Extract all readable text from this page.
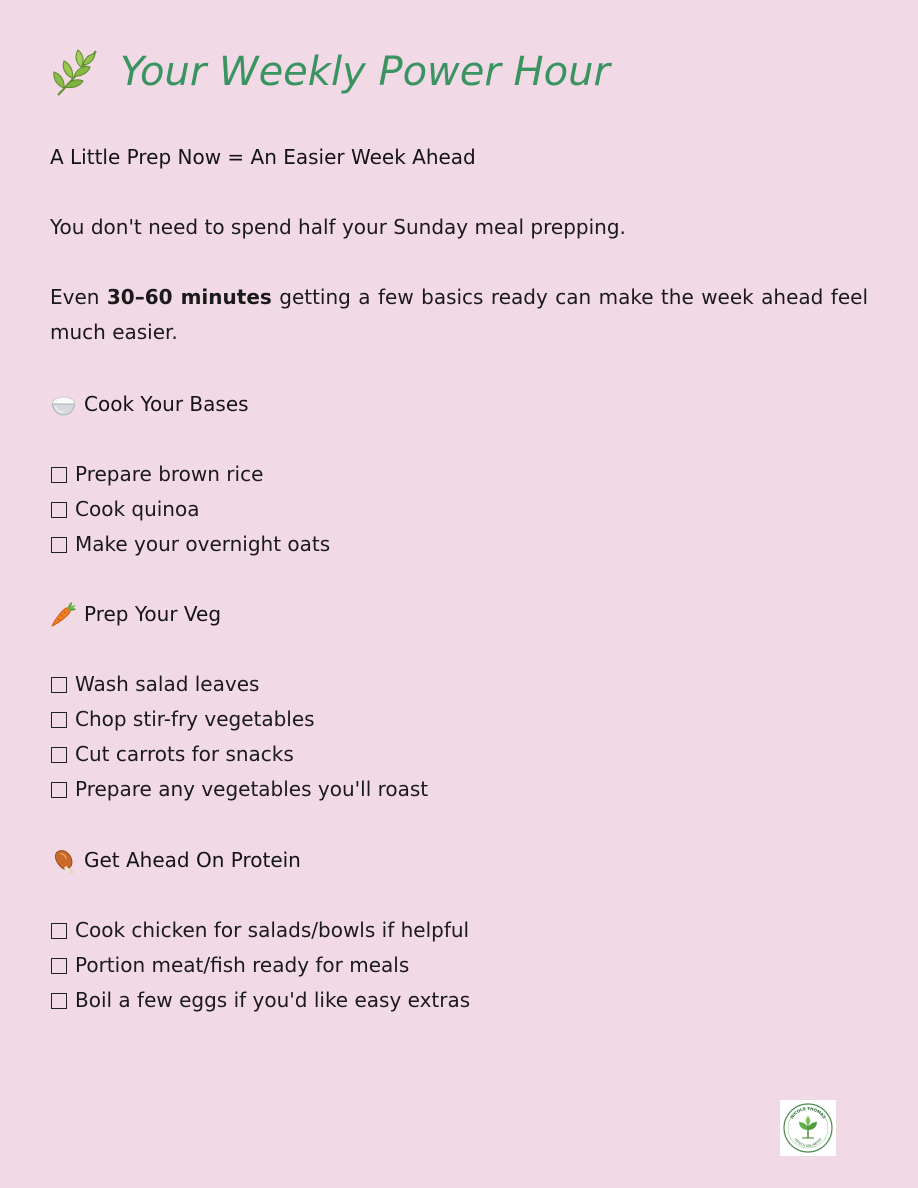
Your Weekly Power Hour

A Little Prep Now = An Easier Week Ahead

You don't need to spend half your Sunday meal prepping.

Even 30–60 minutes getting a few basics ready can make the week ahead feel much easier.

Cook Your Bases
Prepare brown rice
Cook quinoa
Make your overnight oats
Prep Your Veg
Wash salad leaves
Chop stir-fry vegetables
Cut carrots for snacks
Prepare any vegetables you'll roast
Get Ahead On Protein
Cook chicken for salads/bowls if helpful
Portion meat/fish ready for meals
Boil a few eggs if you'd like easy extras
NICOLE THOMAS
HEALTH UNLIMITED
